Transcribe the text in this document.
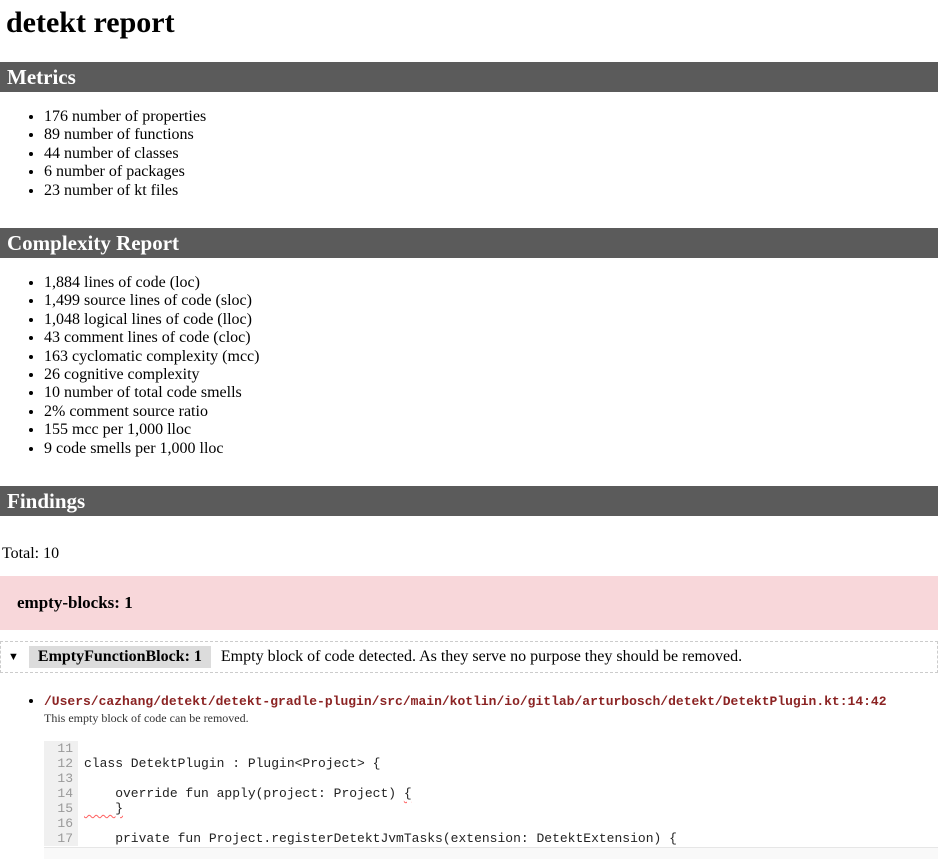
detekt report
Metrics
• 176 number of properties
• 89 number of functions
• 44 number of classes
• 6 number of packages
• 23 number of kt files
Complexity Report
• 1,884 lines of code (loc)
• 1,499 source lines of code (sloc)
• 1,048 logical lines of code (lloc)
• 43 comment lines of code (cloc)
• 163 cyclomatic complexity (mcc)
• 26 cognitive complexity
• 10 number of total code smells
• 2% comment source ratio
• 155 mcc per 1,000 lloc
• 9 code smells per 1,000 lloc
Findings

Total: 10

empty-blocks: 1
▼	EmptyFunctionBlock: 1	Empty block of code detected. As they serve no purpose they should be removed.
• /Users/cazhang/detekt/detekt-gradle-plugin/src/main/kotlin/io/gitlab/arturbosch/detekt/DetektPlugin.kt:14:42
This empty block of code can be removed.
11
12 class DetektPlugin : Plugin<Project> {
13
14    override fun apply(project: Project) {
15    }
16
17    private fun Project.registerDetektJvmTasks(extension: DetektExtension) {
